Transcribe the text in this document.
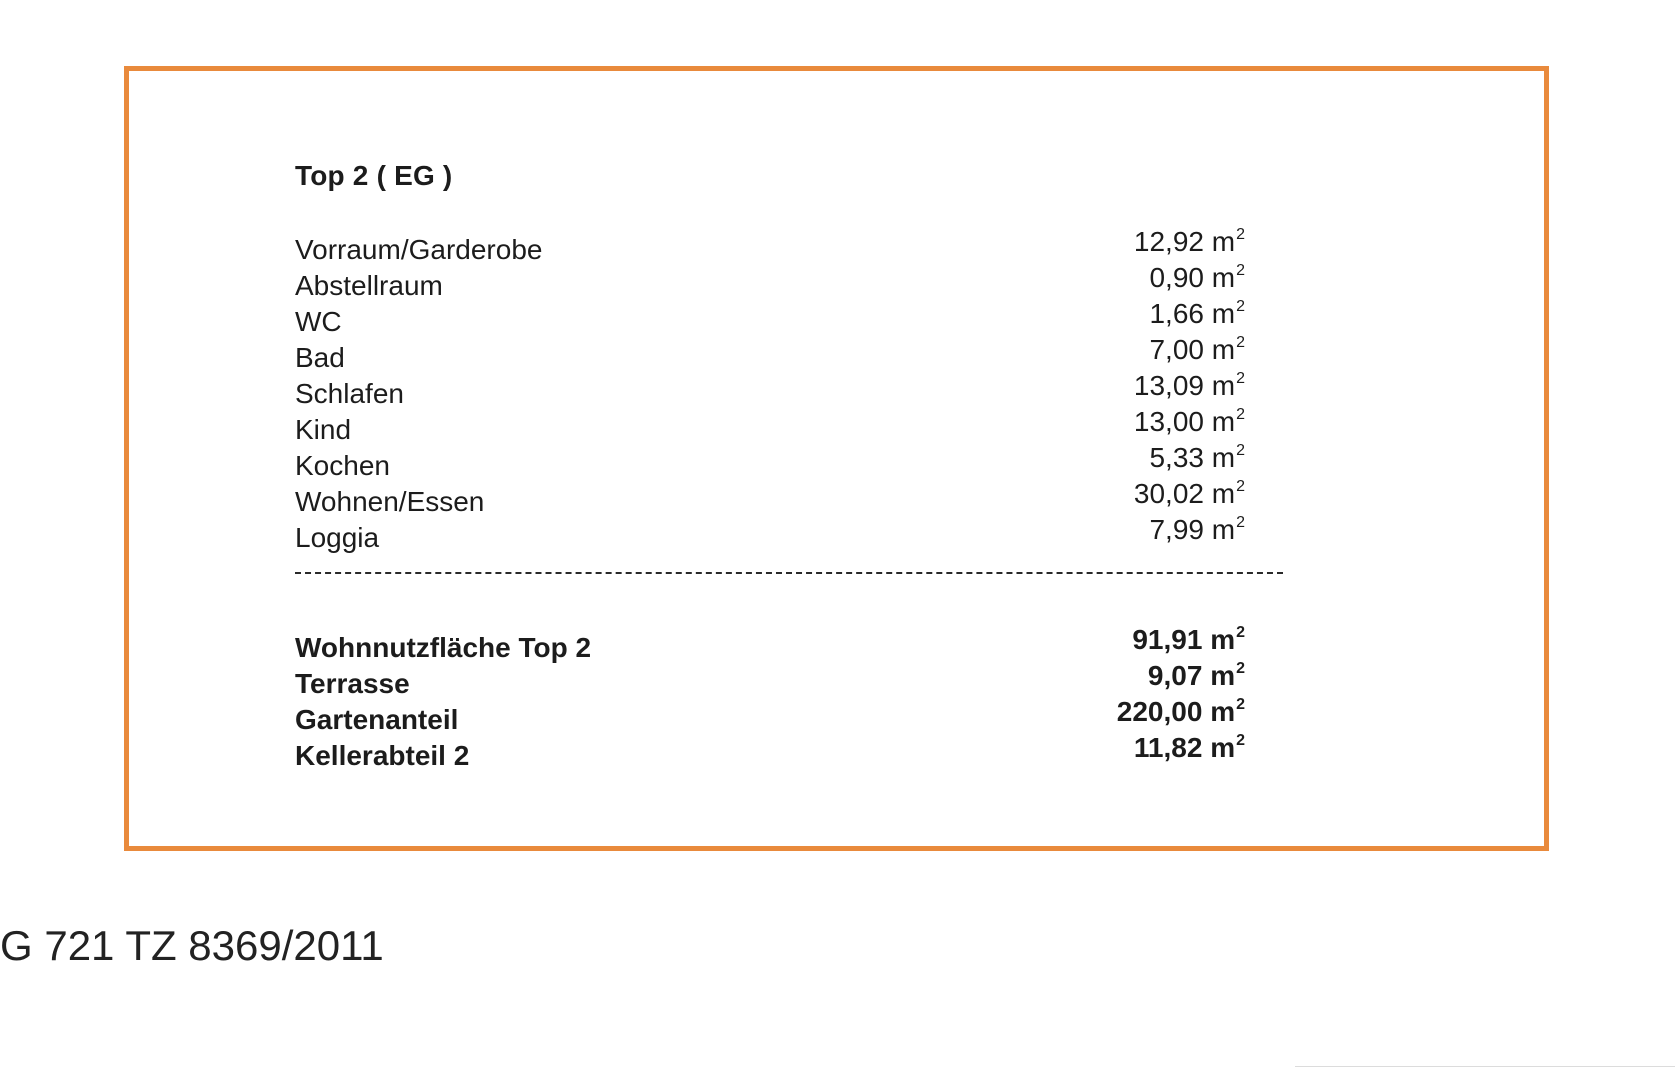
Top 2 ( EG )
Vorraum/Garderobe	12,92 $m^2$
Abstellraum	0,90 $m^2$
WC	1,66 $m^2$
Bad	7,00 $m^2$
Schlafen	13,09 $m^2$
Kind	13,00 $m^2$
Kochen	5,33 $m^2$
Wohnen/Essen	30,02 $m^2$
Loggia	7,99 $m^2$
Wohnnutzfläche Top 2	91,91 $m^2$
Terrasse	9,07 $m^2$
Gartenanteil	220,00 $m^2$
Kellerabteil 2	11,82 $m^2$
G 721 TZ 8369/2011
